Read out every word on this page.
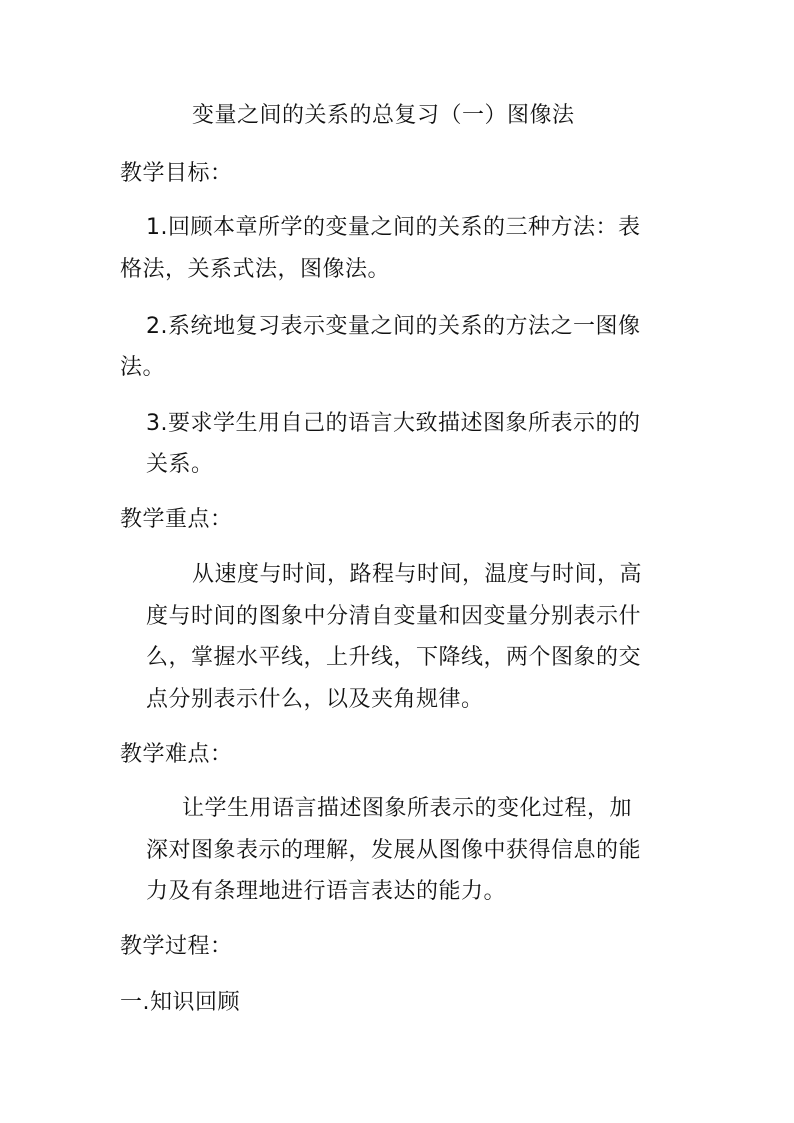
变量之间的关系的总复习（一）图像法
教学目标：
1.回顾本章所学的变量之间的关系的三种方法：表
格法，关系式法，图像法。
2.系统地复习表示变量之间的关系的方法之一图像
法。
3.要求学生用自己的语言大致描述图象所表示的的
关系。
教学重点：
从速度与时间，路程与时间，温度与时间，高
度与时间的图象中分清自变量和因变量分别表示什
么，掌握水平线，上升线，下降线，两个图象的交
点分别表示什么，以及夹角规律。
教学难点：
让学生用语言描述图象所表示的变化过程，加
深对图象表示的理解，发展从图像中获得信息的能
力及有条理地进行语言表达的能力。
教学过程：
一.知识回顾
